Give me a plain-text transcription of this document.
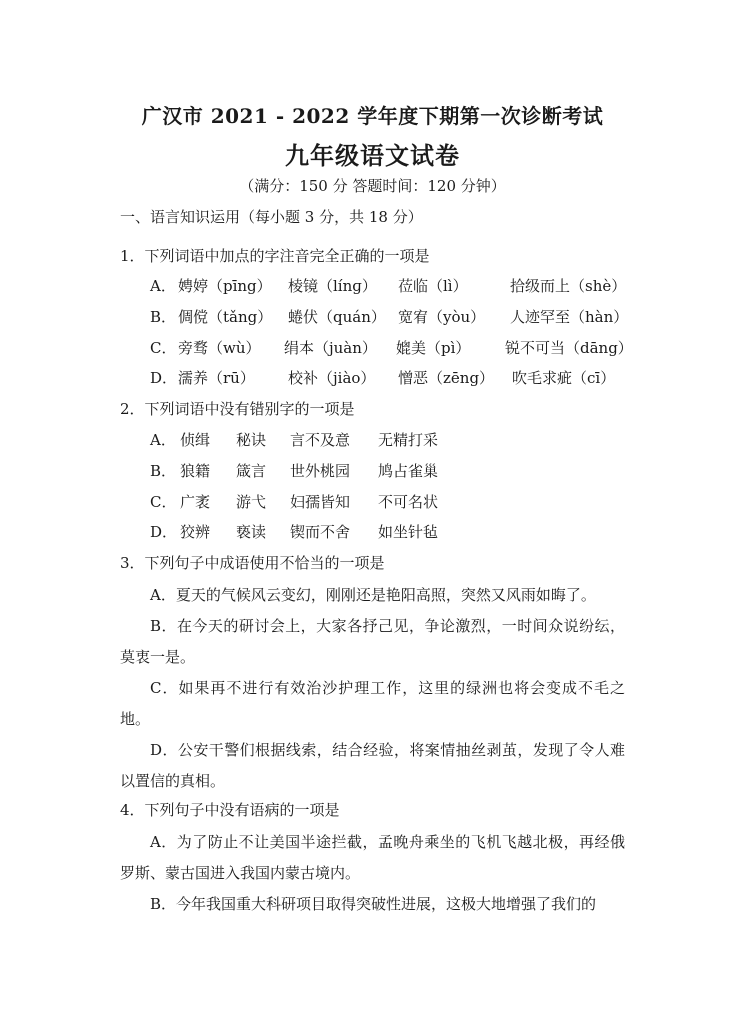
广汉市 2021 - 2022 学年度下期第一次诊断考试
九年级语文试卷
（满分：150 分 答题时间：120 分钟）
一、语言知识运用（每小题 3 分，共 18 分）
1．下列词语中加点的字注音完全正确的一项是
A． 娉婷（pīng） 棱镜（línɡ） 莅临（lì）	拾级而上（shè）
B． 倜傥（tǎng） 蜷伏（quán） 宽宥（yòu） 人迹罕至（hàn）
C． 旁骛（wù） 绢本（juàn） 媲美（pì） 锐不可当（dāng）
D． 濡养（rū） 校补（jiào） 憎恶（zēng） 吹毛求疵（cī）
2．下列词语中没有错别字的一项是
A． 侦缉 秘诀 言不及意 无精打采
B． 狼籍 箴言 世外桃园 鸠占雀巢
C． 广袤 游弋 妇孺皆知 不可名状
D． 狡辨 亵读 锲而不舍 如坐针毡
3．下列句子中成语使用不恰当的一项是

A．夏天的气候风云变幻，刚刚还是艳阳高照，突然又风雨如晦了。

B．在今天的研讨会上，大家各抒己见，争论激烈，一时间众说纷纭，莫衷一是。

C．如果再不进行有效治沙护理工作，这里的绿洲也将会变成不毛之地。

D．公安干警们根据线索，结合经验，将案情抽丝剥茧，发现了令人难以置信的真相。

4．下列句子中没有语病的一项是

A．为了防止不让美国半途拦截，孟晚舟乘坐的飞机飞越北极，再经俄罗斯、蒙古国进入我国内蒙古境内。

B．今年我国重大科研项目取得突破性进展，这极大地增强了我们的
